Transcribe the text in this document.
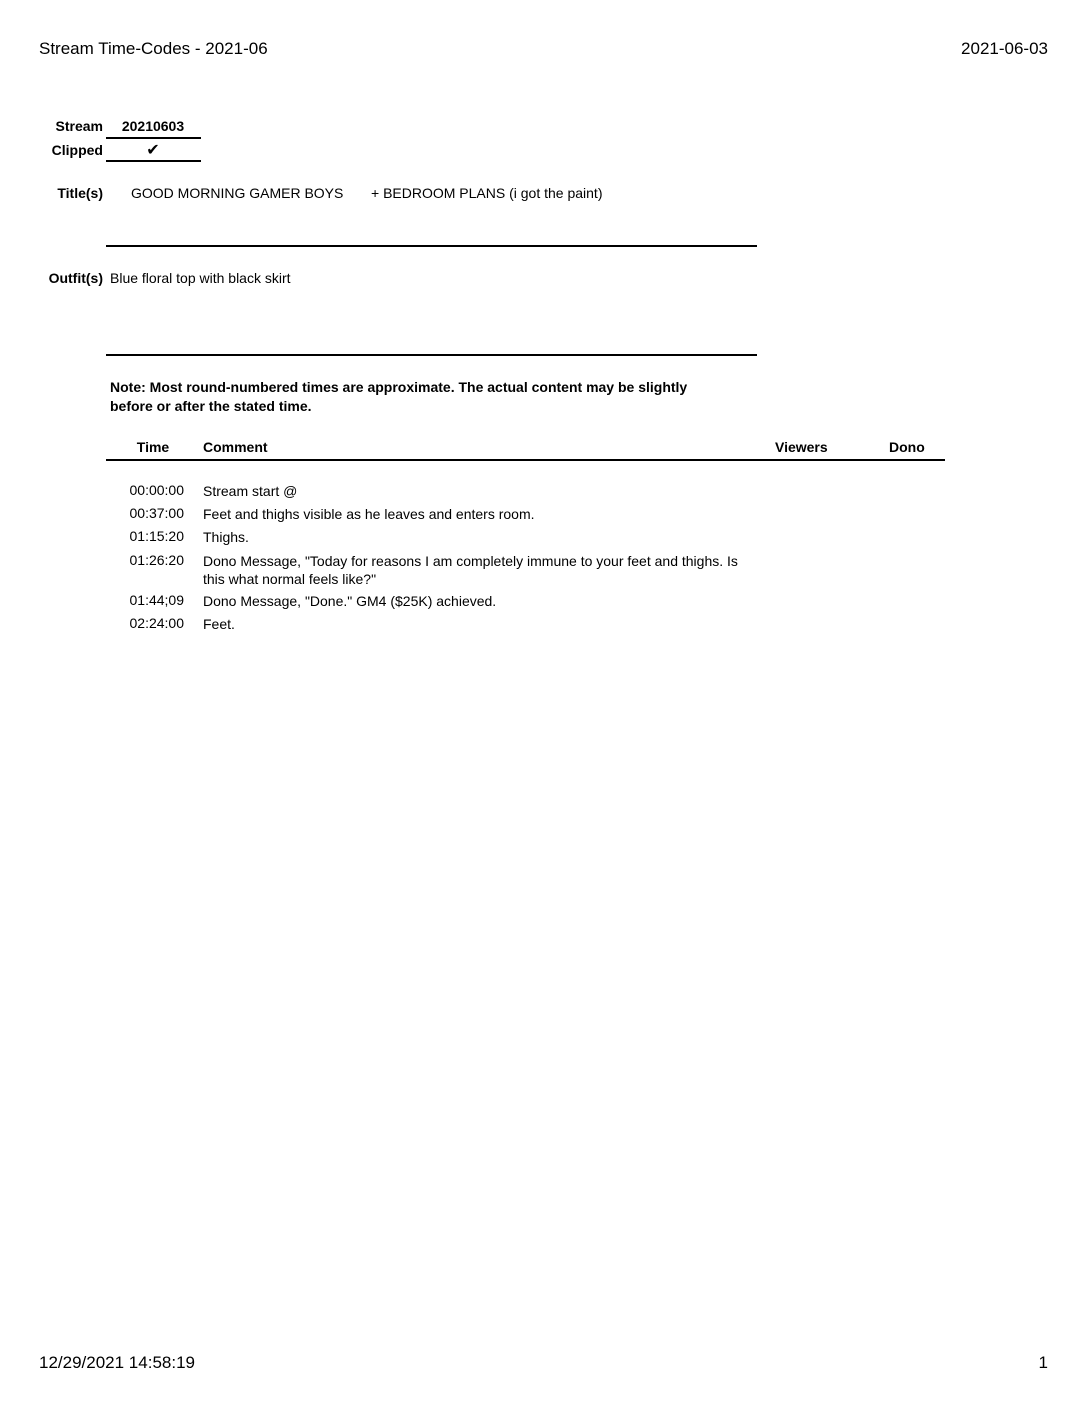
Stream Time-Codes - 2021-06	2021-06-03
Stream	20210603
Clipped	✔
Title(s) GOOD MORNING GAMER BOYS + BEDROOM PLANS (i got the paint)
Outfit(s) Blue floral top with black skirt
Note: Most round-numbered times are approximate. The actual content may be slightly before or after the stated time.
Time	Comment	Viewers	Dono
00:00:00 Stream start @
00:37:00 Feet and thighs visible as he leaves and enters room.
01:15:20 Thighs.
01:26:20 Dono Message, "Today for reasons I am completely immune to your feet and thighs. Is this what normal feels like?"
01:44;09 Dono Message, "Done." GM4 ($25K) achieved.
02:24:00 Feet.
12/29/2021 14:58:19	1
